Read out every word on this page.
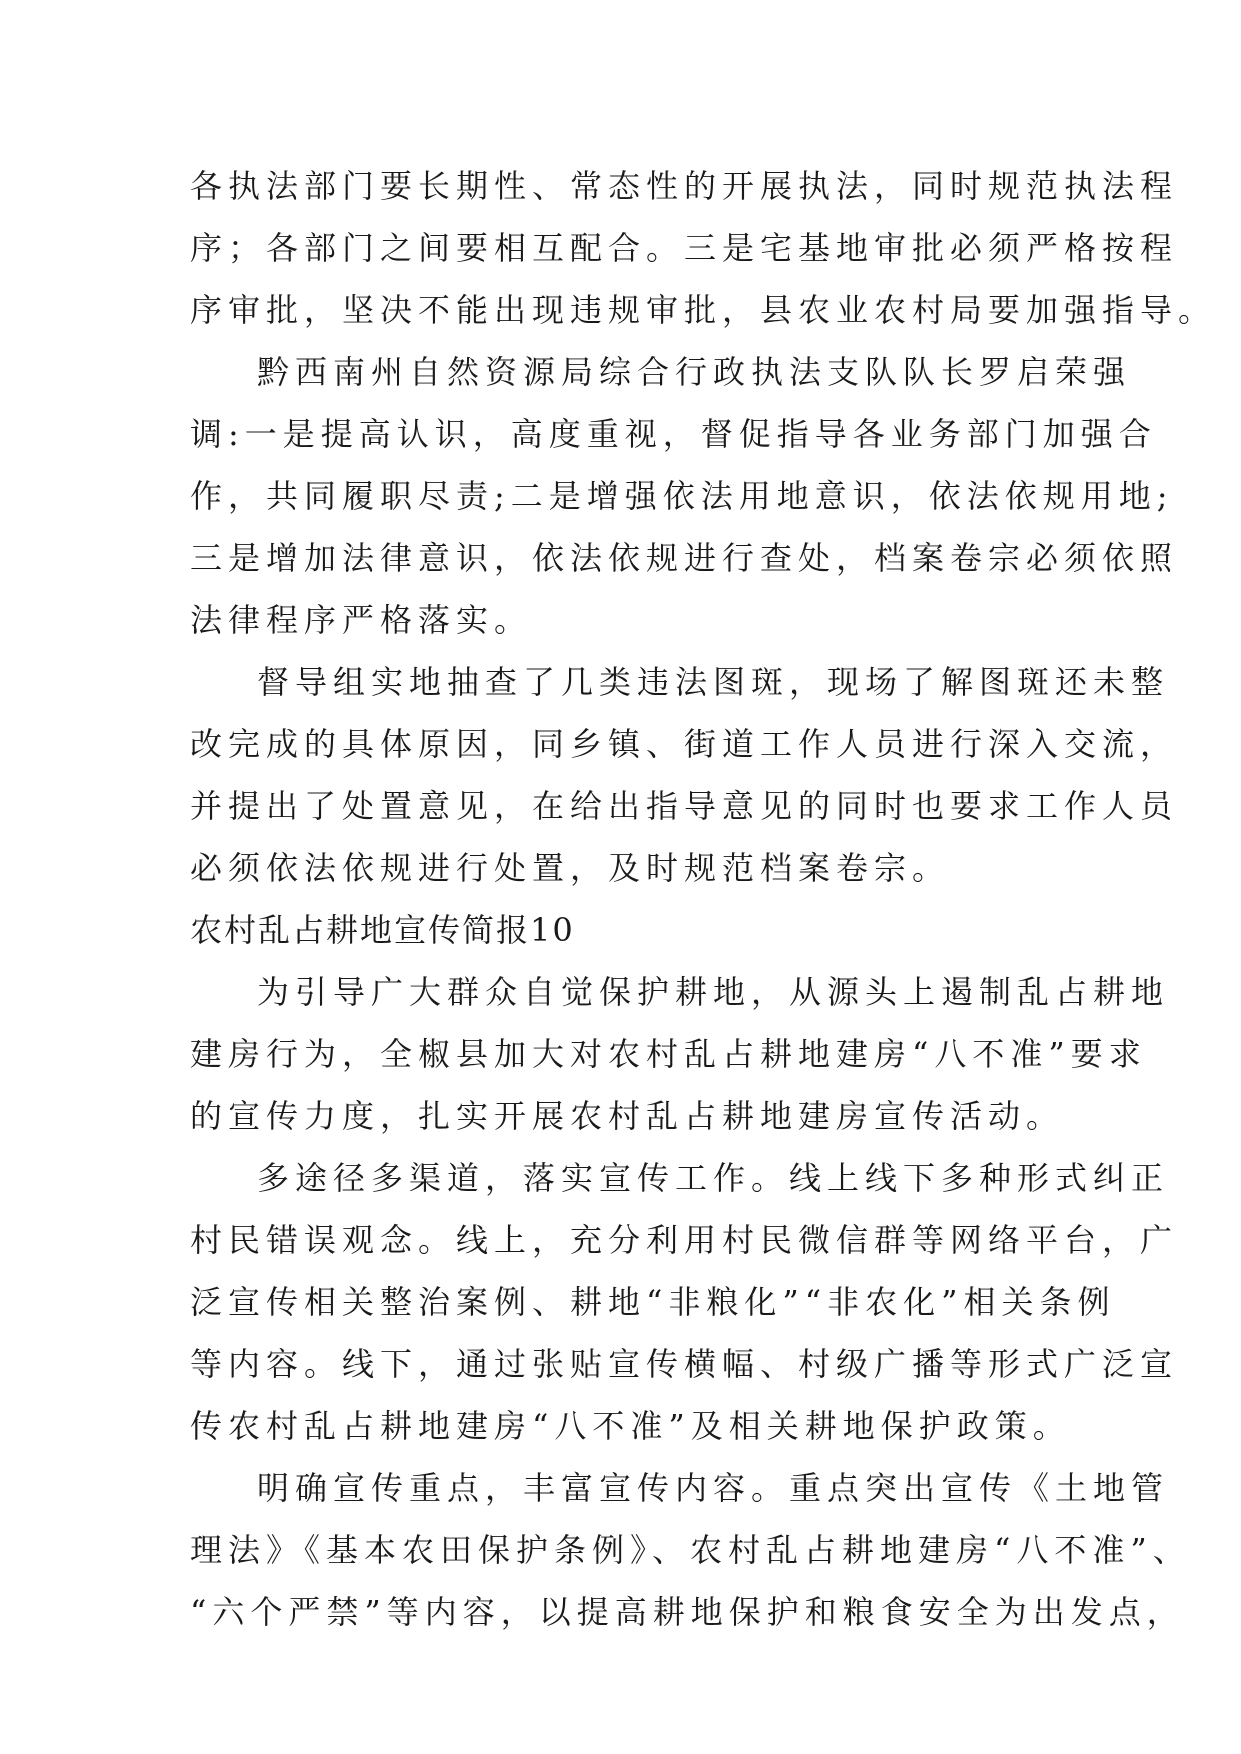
各执法部门要长期性、常态性的开展执法，同时规范执法程
序；各部门之间要相互配合。三是宅基地审批必须严格按程
序审批，坚决不能出现违规审批，县农业农村局要加强指导。
黔西南州自然资源局综合行政执法支队队长罗启荣强
调:一是提高认识，高度重视，督促指导各业务部门加强合
作，共同履职尽责;二是增强依法用地意识，依法依规用地;
三是增加法律意识，依法依规进行查处，档案卷宗必须依照
法律程序严格落实。
督导组实地抽查了几类违法图斑，现场了解图斑还未整
改完成的具体原因，同乡镇、街道工作人员进行深入交流，
并提出了处置意见，在给出指导意见的同时也要求工作人员
必须依法依规进行处置，及时规范档案卷宗。
农村乱占耕地宣传简报10
为引导广大群众自觉保护耕地，从源头上遏制乱占耕地
建房行为，全椒县加大对农村乱占耕地建房“八不准”要求
的宣传力度，扎实开展农村乱占耕地建房宣传活动。
多途径多渠道，落实宣传工作。线上线下多种形式纠正
村民错误观念。线上，充分利用村民微信群等网络平台，广
泛宣传相关整治案例、耕地“非粮化”“非农化”相关条例
等内容。线下，通过张贴宣传横幅、村级广播等形式广泛宣
传农村乱占耕地建房“八不准”及相关耕地保护政策。
明确宣传重点，丰富宣传内容。重点突出宣传《土地管
理法》《基本农田保护条例》、农村乱占耕地建房“八不准”、
“六个严禁”等内容，以提高耕地保护和粮食安全为出发点，
